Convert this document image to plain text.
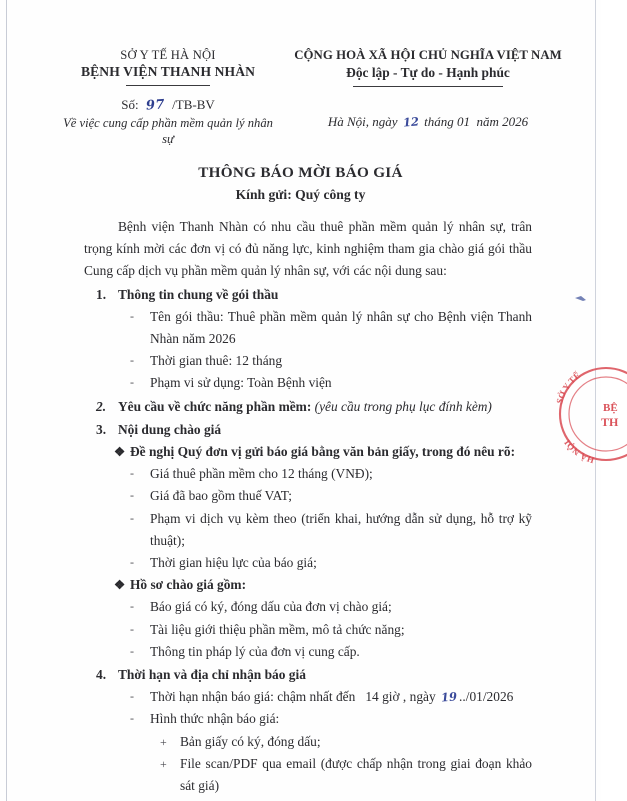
SỞ Y TẾ HÀ NỘI
BỆNH VIỆN THANH NHÀN
Số: 97 /TB-BV
Về việc cung cấp phần mềm quản lý nhân sự
CỘNG HOÀ XÃ HỘI CHỦ NGHĨA VIỆT NAM
Độc lập - Tự do - Hạnh phúc
Hà Nội, ngày 12 tháng 01 năm 2026
THÔNG BÁO MỜI BÁO GIÁ
Kính gửi: Quý công ty

Bệnh viện Thanh Nhàn có nhu cầu thuê phần mềm quản lý nhân sự, trân trọng kính mời các đơn vị có đủ năng lực, kinh nghiệm tham gia chào giá gói thầu Cung cấp dịch vụ phần mềm quản lý nhân sự, với các nội dung sau:

1. Thông tin chung về gói thầu
- Tên gói thầu: Thuê phần mềm quản lý nhân sự cho Bệnh viện Thanh Nhàn năm 2026
- Thời gian thuê: 12 tháng
- Phạm vi sử dụng: Toàn Bệnh viện
2. Yêu cầu về chức năng phần mềm: (yêu cầu trong phụ lục đính kèm)
3. Nội dung chào giá
❖ Đề nghị Quý đơn vị gửi báo giá bằng văn bản giấy, trong đó nêu rõ:
- Giá thuê phần mềm cho 12 tháng (VNĐ);
- Giá đã bao gồm thuế VAT;
- Phạm vi dịch vụ kèm theo (triển khai, hướng dẫn sử dụng, hỗ trợ kỹ thuật);
- Thời gian hiệu lực của báo giá;
❖ Hồ sơ chào giá gồm:
- Báo giá có ký, đóng dấu của đơn vị chào giá;
- Tài liệu giới thiệu phần mềm, mô tả chức năng;
- Thông tin pháp lý của đơn vị cung cấp.
4. Thời hạn và địa chỉ nhận báo giá
- Thời hạn nhận báo giá: chậm nhất đến 14 giờ , ngày 19../01/2026
- Hình thức nhận báo giá:
+ Bản giấy có ký, đóng dấu;
+ File scan/PDF qua email (được chấp nhận trong giai đoạn khảo sát giá)
SỞ Y TẾ
HÀ NỘI
BỆ
TH
